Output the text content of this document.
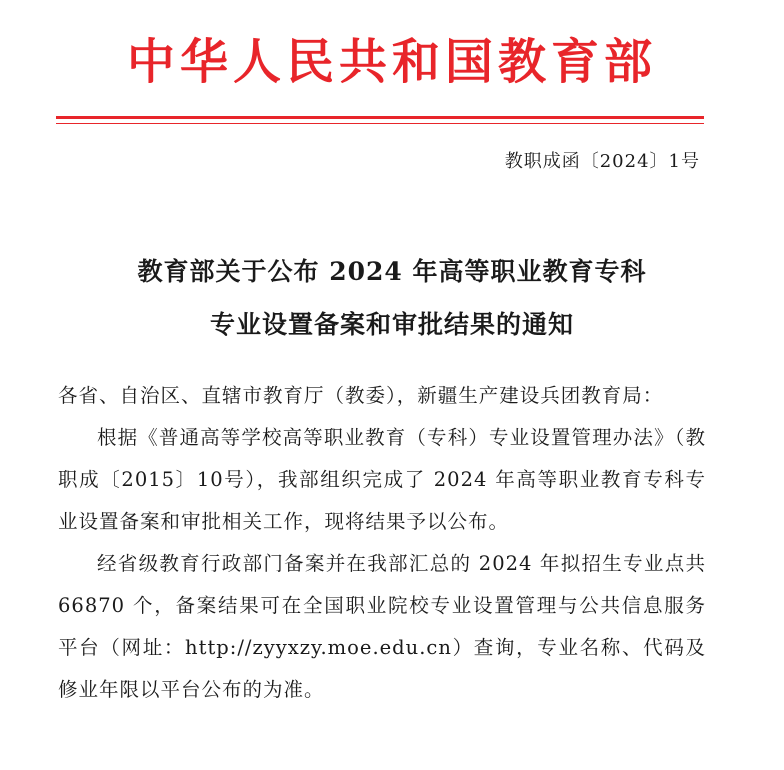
中华人民共和国教育部
教职成函〔2024〕1号
教育部关于公布 2024 年高等职业教育专科
专业设置备案和审批结果的通知

各省、自治区、直辖市教育厅（教委），新疆生产建设兵团教育局：

根据《普通高等学校高等职业教育（专科）专业设置管理办法》（教职成〔2015〕10号），我部组织完成了 2024 年高等职业教育专科专业设置备案和审批相关工作，现将结果予以公布。

经省级教育行政部门备案并在我部汇总的 2024 年拟招生专业点共 66870 个，备案结果可在全国职业院校专业设置管理与公共信息服务平台（网址：http://zyyxzy.moe.edu.cn）查询，专业名称、代码及修业年限以平台公布的为准。
